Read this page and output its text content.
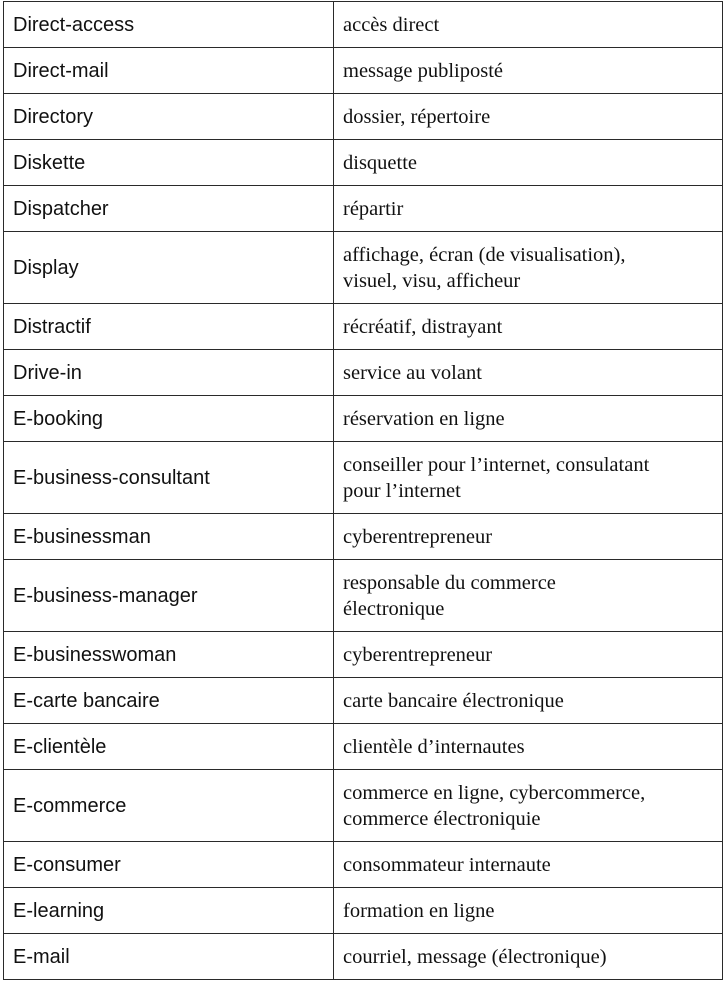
Direct-access	accès direct
Direct-mail	message publiposté
Directory	dossier, répertoire
Diskette	disquette
Dispatcher	répartir
Display	affichage, écran (de visualisation),
visuel, visu, afficheur
Distractif	récréatif, distrayant
Drive-in	service au volant
E-booking	réservation en ligne
E-business-consultant	conseiller pour l’internet, consulatant
pour l’internet
E-businessman	cyberentrepreneur
E-business-manager	responsable du commerce
électronique
E-businesswoman	cyberentrepreneur
E-carte bancaire	carte bancaire électronique
E-clientèle	clientèle d’internautes
E-commerce	commerce en ligne, cybercommerce,
commerce électroniquie
E-consumer	consommateur internaute
E-learning	formation en ligne
E-mail	courriel, message (électronique)
